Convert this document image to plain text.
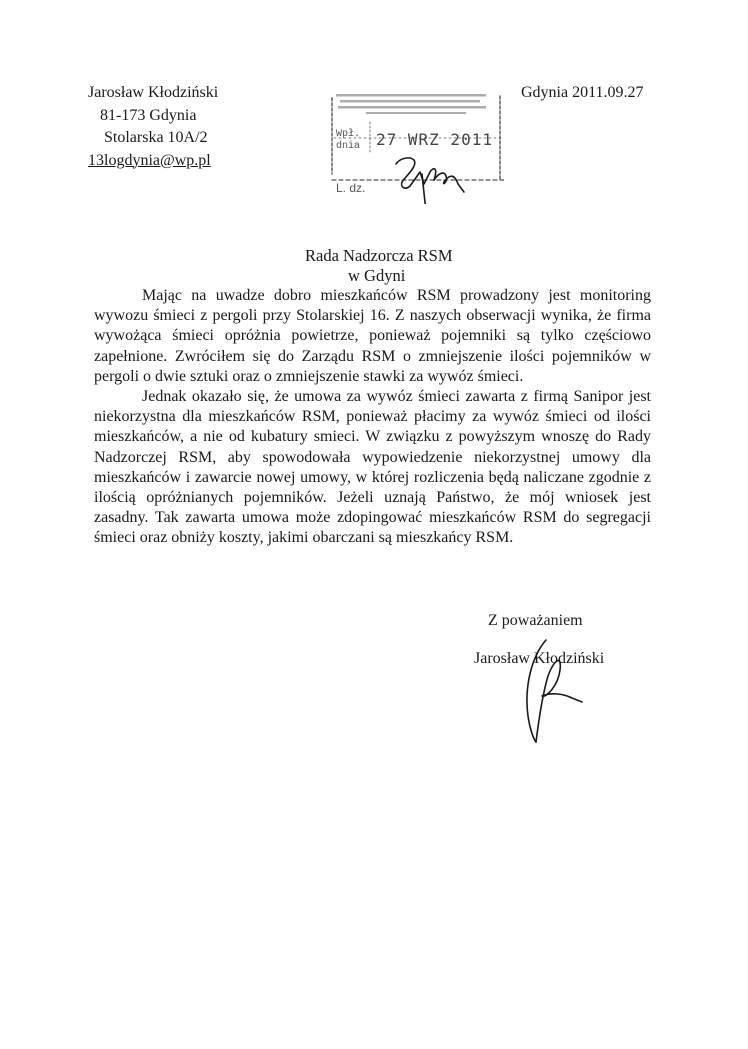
Jarosław Kłodziński
81-173 Gdynia
Stolarska 10A/2
13logdynia@wp.pl
Gdynia 2011.09.27
Wpł.
dnia 27 WRZ 2011
L. dz.
Rada Nadzorcza RSM
w Gdyni

Mając na uwadze dobro mieszkańców RSM prowadzony jest monitoring wywozu śmieci z pergoli przy Stolarskiej 16. Z naszych obserwacji wynika, że firma wywożąca śmieci opróżnia powietrze, ponieważ pojemniki są tylko częściowo zapełnione. Zwróciłem się do Zarządu RSM o zmniejszenie ilości pojemników w pergoli o dwie sztuki oraz o zmniejszenie stawki za wywóz śmieci.

Jednak okazało się, że umowa za wywóz śmieci zawarta z firmą Sanipor jest niekorzystna dla mieszkańców RSM, ponieważ płacimy za wywóz śmieci od ilości mieszkańców, a nie od kubatury smieci. W związku z powyższym wnoszę do Rady Nadzorczej RSM, aby spowodowała wypowiedzenie niekorzystnej umowy dla mieszkańców i zawarcie nowej umowy, w której rozliczenia będą naliczane zgodnie z ilością opróżnianych pojemników. Jeżeli uznają Państwo, że mój wniosek jest zasadny. Tak zawarta umowa może zdopingować mieszkańców RSM do segregacji śmieci oraz obniży koszty, jakimi obarczani są mieszkańcy RSM.

Z poważaniem
Jarosław Kłodziński
